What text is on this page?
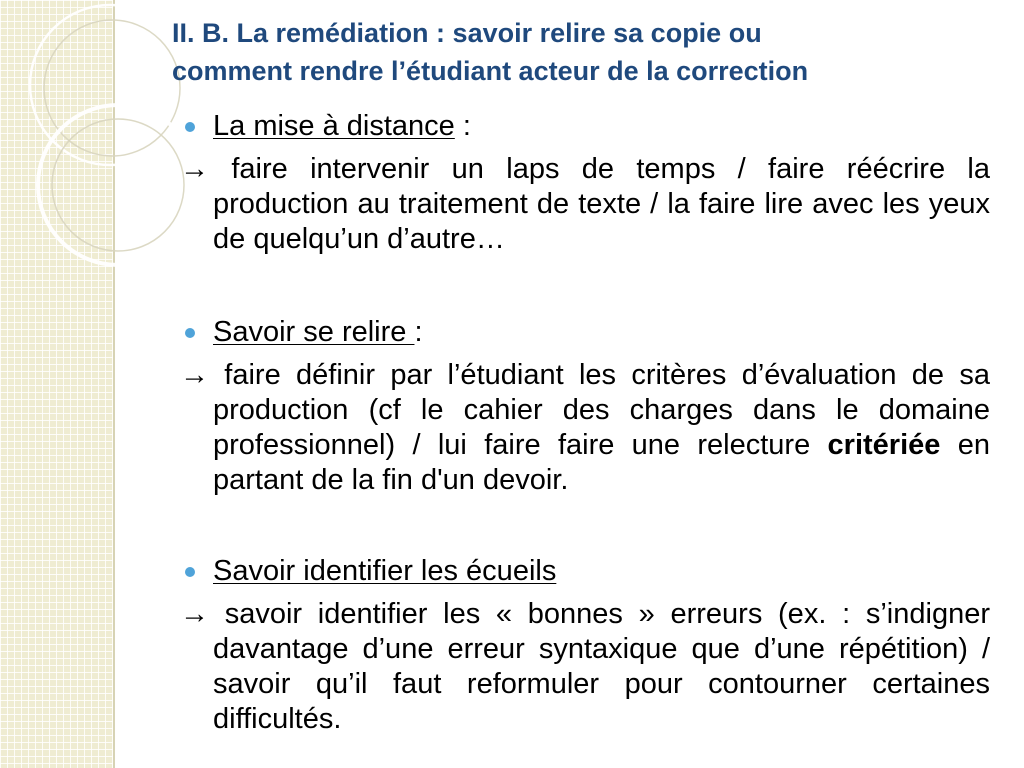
II. B. La remédiation : savoir relire sa copie ou
comment rendre l’étudiant acteur de la correction
La mise à distance :
→ faire intervenir un laps de temps / faire réécrire la production au traitement de texte / la faire lire avec les yeux de quelqu’un d’autre…
Savoir se relire :
→ faire définir par l’étudiant les critères d’évaluation de sa production (cf le cahier des charges dans le domaine professionnel) / lui faire faire une relecture critériée en partant de la fin d'un devoir.
Savoir identifier les écueils
→ savoir identifier les « bonnes » erreurs (ex. : s’indigner davantage d’une erreur syntaxique que d’une répétition) / savoir qu’il faut reformuler pour contourner certaines difficultés.
